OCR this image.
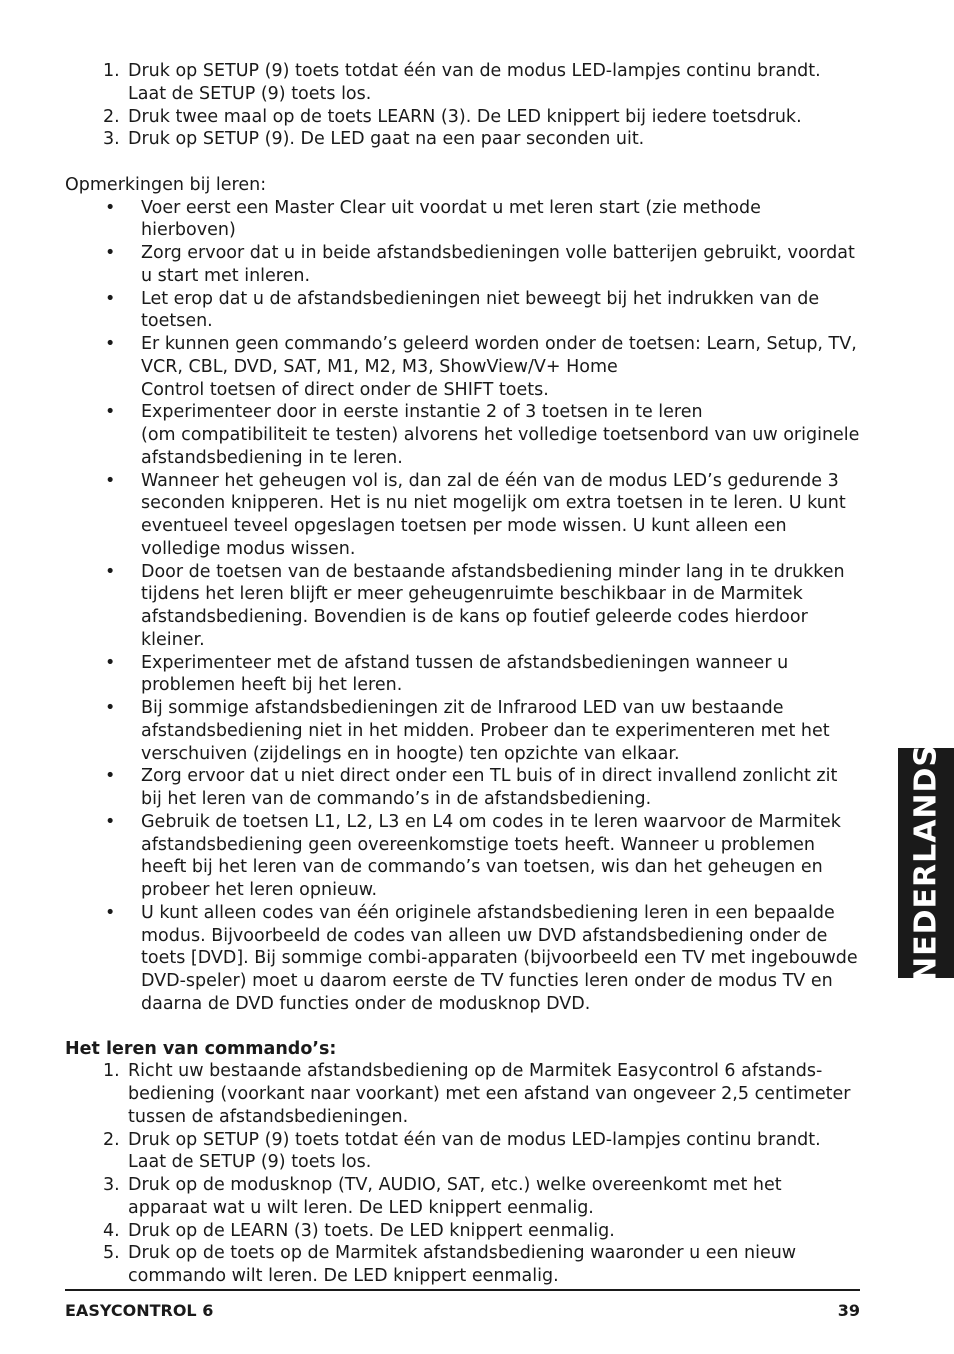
1. Druk op SETUP (9) toets totdat één van de modus LED-lampjes continu brandt. Laat de SETUP (9) toets los.
2. Druk twee maal op de toets LEARN (3). De LED knippert bij iedere toetsdruk.
3. Druk op SETUP (9). De LED gaat na een paar seconden uit.
Opmerkingen bij leren:
• Voer eerst een Master Clear uit voordat u met leren start (zie methode hierboven)
• Zorg ervoor dat u in beide afstandsbedieningen volle batterijen gebruikt, voordat u start met inleren.
• Let erop dat u de afstandsbedieningen niet beweegt bij het indrukken van de toetsen.
• Er kunnen geen commando’s geleerd worden onder de toetsen: Learn, Setup, TV, VCR, CBL, DVD, SAT, M1, M2, M3, ShowView/V+ Home
Control toetsen of direct onder de SHIFT toets.
• Experimenteer door in eerste instantie 2 of 3 toetsen in te leren
(om compatibiliteit te testen) alvorens het volledige toetsenbord van uw originele afstandsbediening in te leren.
• Wanneer het geheugen vol is, dan zal de één van de modus LED’s gedurende 3 seconden knipperen. Het is nu niet mogelijk om extra toetsen in te leren. U kunt eventueel teveel opgeslagen toetsen per mode wissen. U kunt alleen een volledige modus wissen.
• Door de toetsen van de bestaande afstandsbediening minder lang in te drukken tijdens het leren blijft er meer geheugenruimte beschikbaar in de Marmitek afstandsbediening. Bovendien is de kans op foutief geleerde codes hierdoor kleiner.
• Experimenteer met de afstand tussen de afstandsbedieningen wanneer u problemen heeft bij het leren.
• Bij sommige afstandsbedieningen zit de Infrarood LED van uw bestaande afstandsbediening niet in het midden. Probeer dan te experimenteren met het verschuiven (zijdelings en in hoogte) ten opzichte van elkaar.
• Zorg ervoor dat u niet direct onder een TL buis of in direct invallend zonlicht zit bij het leren van de commando’s in de afstandsbediening.
• Gebruik de toetsen L1, L2, L3 en L4 om codes in te leren waarvoor de Marmitek afstandsbediening geen overeenkomstige toets heeft. Wanneer u problemen heeft bij het leren van de commando’s van toetsen, wis dan het geheugen en probeer het leren opnieuw.
• U kunt alleen codes van één originele afstandsbediening leren in een bepaalde modus. Bijvoorbeeld de codes van alleen uw DVD afstandsbediening onder de toets [DVD]. Bij sommige combi-apparaten (bijvoorbeeld een TV met ingebouwde DVD-speler) moet u daarom eerste de TV functies leren onder de modus TV en daarna de DVD functies onder de modusknop DVD.
Het leren van commando’s:
1. Richt uw bestaande afstandsbediening op de Marmitek Easycontrol 6 afstands-
bediening (voorkant naar voorkant) met een afstand van ongeveer 2,5 centimeter tussen de afstandsbedieningen.
2. Druk op SETUP (9) toets totdat één van de modus LED-lampjes continu brandt. Laat de SETUP (9) toets los.
3. Druk op de modusknop (TV, AUDIO, SAT, etc.) welke overeenkomt met het apparaat wat u wilt leren. De LED knippert eenmalig.
4. Druk op de LEARN (3) toets. De LED knippert eenmalig.
5. Druk op de toets op de Marmitek afstandsbediening waaronder u een nieuw commando wilt leren. De LED knippert eenmalig.
NEDERLANDS
EASYCONTROL 6	39
